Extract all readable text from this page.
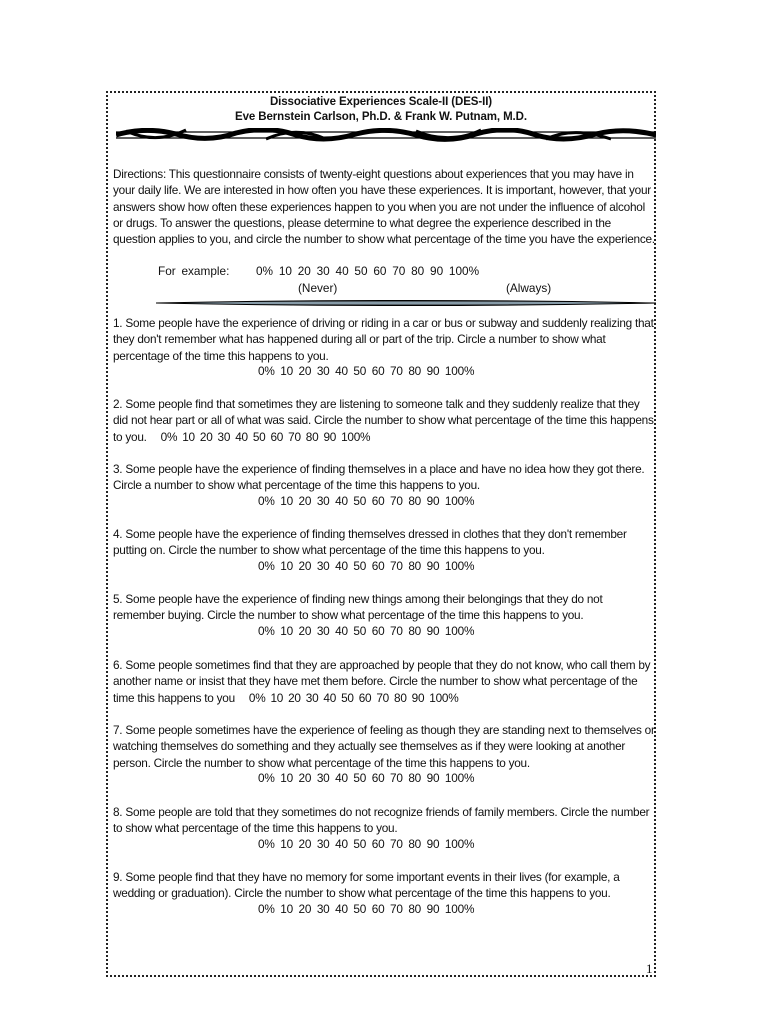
Dissociative Experiences Scale-II (DES-II)
Eve Bernstein Carlson, Ph.D. & Frank W. Putnam, M.D.
Directions: This questionnaire consists of twenty-eight questions about experiences that you may have in your daily life. We are interested in how often you have these experiences. It is important, however, that your answers show how often these experiences happen to you when you are not under the influence of alcohol or drugs. To answer the questions, please determine to what degree the experience described in the question applies to you, and circle the number to show what percentage of the time you have the experience.
For example: 0% 10 20 30 40 50 60 70 80 90 100%
(Never)	(Always)
1. Some people have the experience of driving or riding in a car or bus or subway and suddenly realizing that they don't remember what has happened during all or part of the trip. Circle a number to show what percentage of the time this happens to you.
0% 10 20 30 40 50 60 70 80 90 100%
2. Some people find that sometimes they are listening to someone talk and they suddenly realize that they did not hear part or all of what was said. Circle the number to show what percentage of the time this happens to you. 0% 10 20 30 40 50 60 70 80 90 100%
3. Some people have the experience of finding themselves in a place and have no idea how they got there. Circle a number to show what percentage of the time this happens to you.
0% 10 20 30 40 50 60 70 80 90 100%
4. Some people have the experience of finding themselves dressed in clothes that they don't remember putting on. Circle the number to show what percentage of the time this happens to you.
0% 10 20 30 40 50 60 70 80 90 100%
5. Some people have the experience of finding new things among their belongings that they do not remember buying. Circle the number to show what percentage of the time this happens to you.
0% 10 20 30 40 50 60 70 80 90 100%
6. Some people sometimes find that they are approached by people that they do not know, who call them by another name or insist that they have met them before. Circle the number to show what percentage of the time this happens to you 0% 10 20 30 40 50 60 70 80 90 100%
7. Some people sometimes have the experience of feeling as though they are standing next to themselves or watching themselves do something and they actually see themselves as if they were looking at another person. Circle the number to show what percentage of the time this happens to you.
0% 10 20 30 40 50 60 70 80 90 100%
8. Some people are told that they sometimes do not recognize friends of family members. Circle the number to show what percentage of the time this happens to you.
0% 10 20 30 40 50 60 70 80 90 100%
9. Some people find that they have no memory for some important events in their lives (for example, a wedding or graduation). Circle the number to show what percentage of the time this happens to you.
0% 10 20 30 40 50 60 70 80 90 100%
1
